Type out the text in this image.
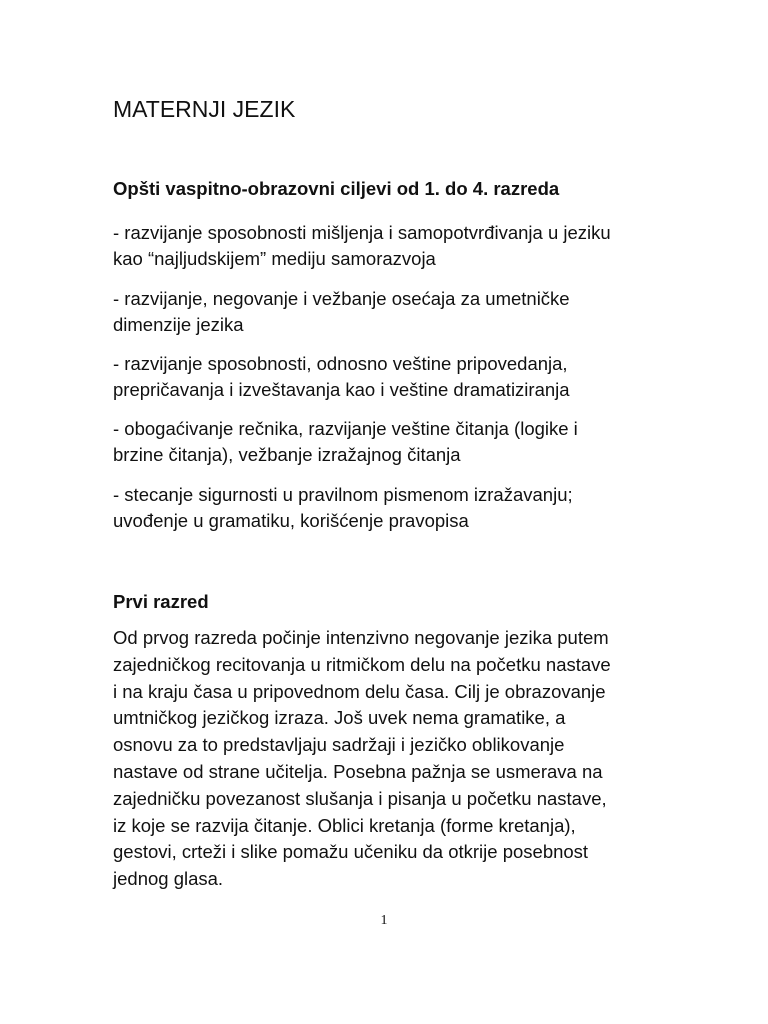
MATERNJI JEZIK
Opšti vaspitno-obrazovni ciljevi od 1. do 4. razreda

- razvijanje sposobnosti mišljenja i samopotvrđivanja u jeziku
kao “najljudskijem” mediju samorazvoja

- razvijanje, negovanje i vežbanje osećaja za umetničke
dimenzije jezika

- razvijanje sposobnosti, odnosno veštine pripovedanja,
prepričavanja i izveštavanja kao i veštine dramatiziranja

- obogaćivanje rečnika, razvijanje veštine čitanja (logike i
brzine čitanja), vežbanje izražajnog čitanja

- stecanje sigurnosti u pravilnom pismenom izražavanju;
uvođenje u gramatiku, korišćenje pravopisa

Prvi razred

Od prvog razreda počinje intenzivno negovanje jezika putem
zajedničkog recitovanja u ritmičkom delu na početku nastave
i na kraju časa u pripovednom delu časa. Cilj je obrazovanje
umtničkog jezičkog izraza. Još uvek nema gramatike, a
osnovu za to predstavljaju sadržaji i jezičko oblikovanje
nastave od strane učitelja. Posebna pažnja se usmerava na
zajedničku povezanost slušanja i pisanja u početku nastave,
iz koje se razvija čitanje. Oblici kretanja (forme kretanja),
gestovi, crteži i slike pomažu učeniku da otkrije posebnost
jednog glasa.

1
